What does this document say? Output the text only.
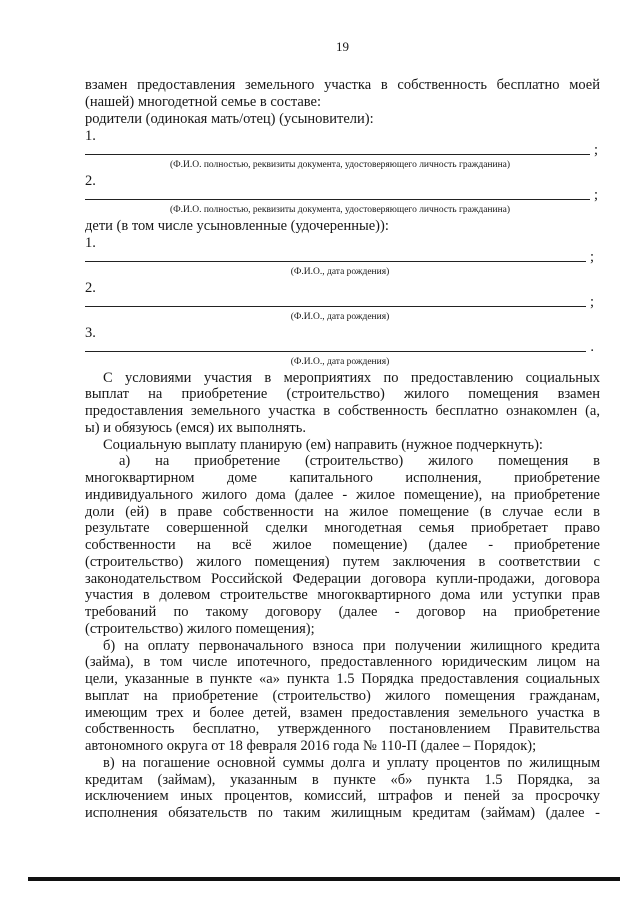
19
взамен предоставления земельного участка в собственность бесплатно моей
(нашей) многодетной семье в составе:
родители (одинокая мать/отец) (усыновители):
1.
;
(Ф.И.О. полностью, реквизиты документа, удостоверяющего личность гражданина)
2.
;
(Ф.И.О. полностью, реквизиты документа, удостоверяющего личность гражданина)
дети (в том числе усыновленные (удочеренные)):
1.
;
(Ф.И.О., дата рождения)
2.
;
(Ф.И.О., дата рождения)
3.
.
(Ф.И.О., дата рождения)
С условиями участия в мероприятиях по предоставлению социальных
выплат на приобретение (строительство) жилого помещения взамен
предоставления земельного участка в собственность бесплатно ознакомлен (а,
ы) и обязуюсь (емся) их выполнять.
Социальную выплату планирую (ем) направить (нужное подчеркнуть):
а) на приобретение (строительство) жилого помещения в
многоквартирном доме капитального исполнения, приобретение
индивидуального жилого дома (далее - жилое помещение), на приобретение
доли (ей) в праве собственности на жилое помещение (в случае если в
результате совершенной сделки многодетная семья приобретает право
собственности на всё жилое помещение) (далее - приобретение
(строительство) жилого помещения) путем заключения в соответствии с
законодательством Российской Федерации договора купли-продажи, договора
участия в долевом строительстве многоквартирного дома или уступки прав
требований по такому договору (далее - договор на приобретение
(строительство) жилого помещения);
б) на оплату первоначального взноса при получении жилищного кредита
(займа), в том числе ипотечного, предоставленного юридическим лицом на
цели, указанные в пункте «а» пункта 1.5 Порядка предоставления социальных
выплат на приобретение (строительство) жилого помещения гражданам,
имеющим трех и более детей, взамен предоставления земельного участка в
собственность бесплатно, утвержденного постановлением Правительства
автономного округа от 18 февраля 2016 года № 110-П (далее – Порядок);
в) на погашение основной суммы долга и уплату процентов по жилищным
кредитам (займам), указанным в пункте «б» пункта 1.5 Порядка, за
исключением иных процентов, комиссий, штрафов и пеней за просрочку
исполнения обязательств по таким жилищным кредитам (займам) (далее -
